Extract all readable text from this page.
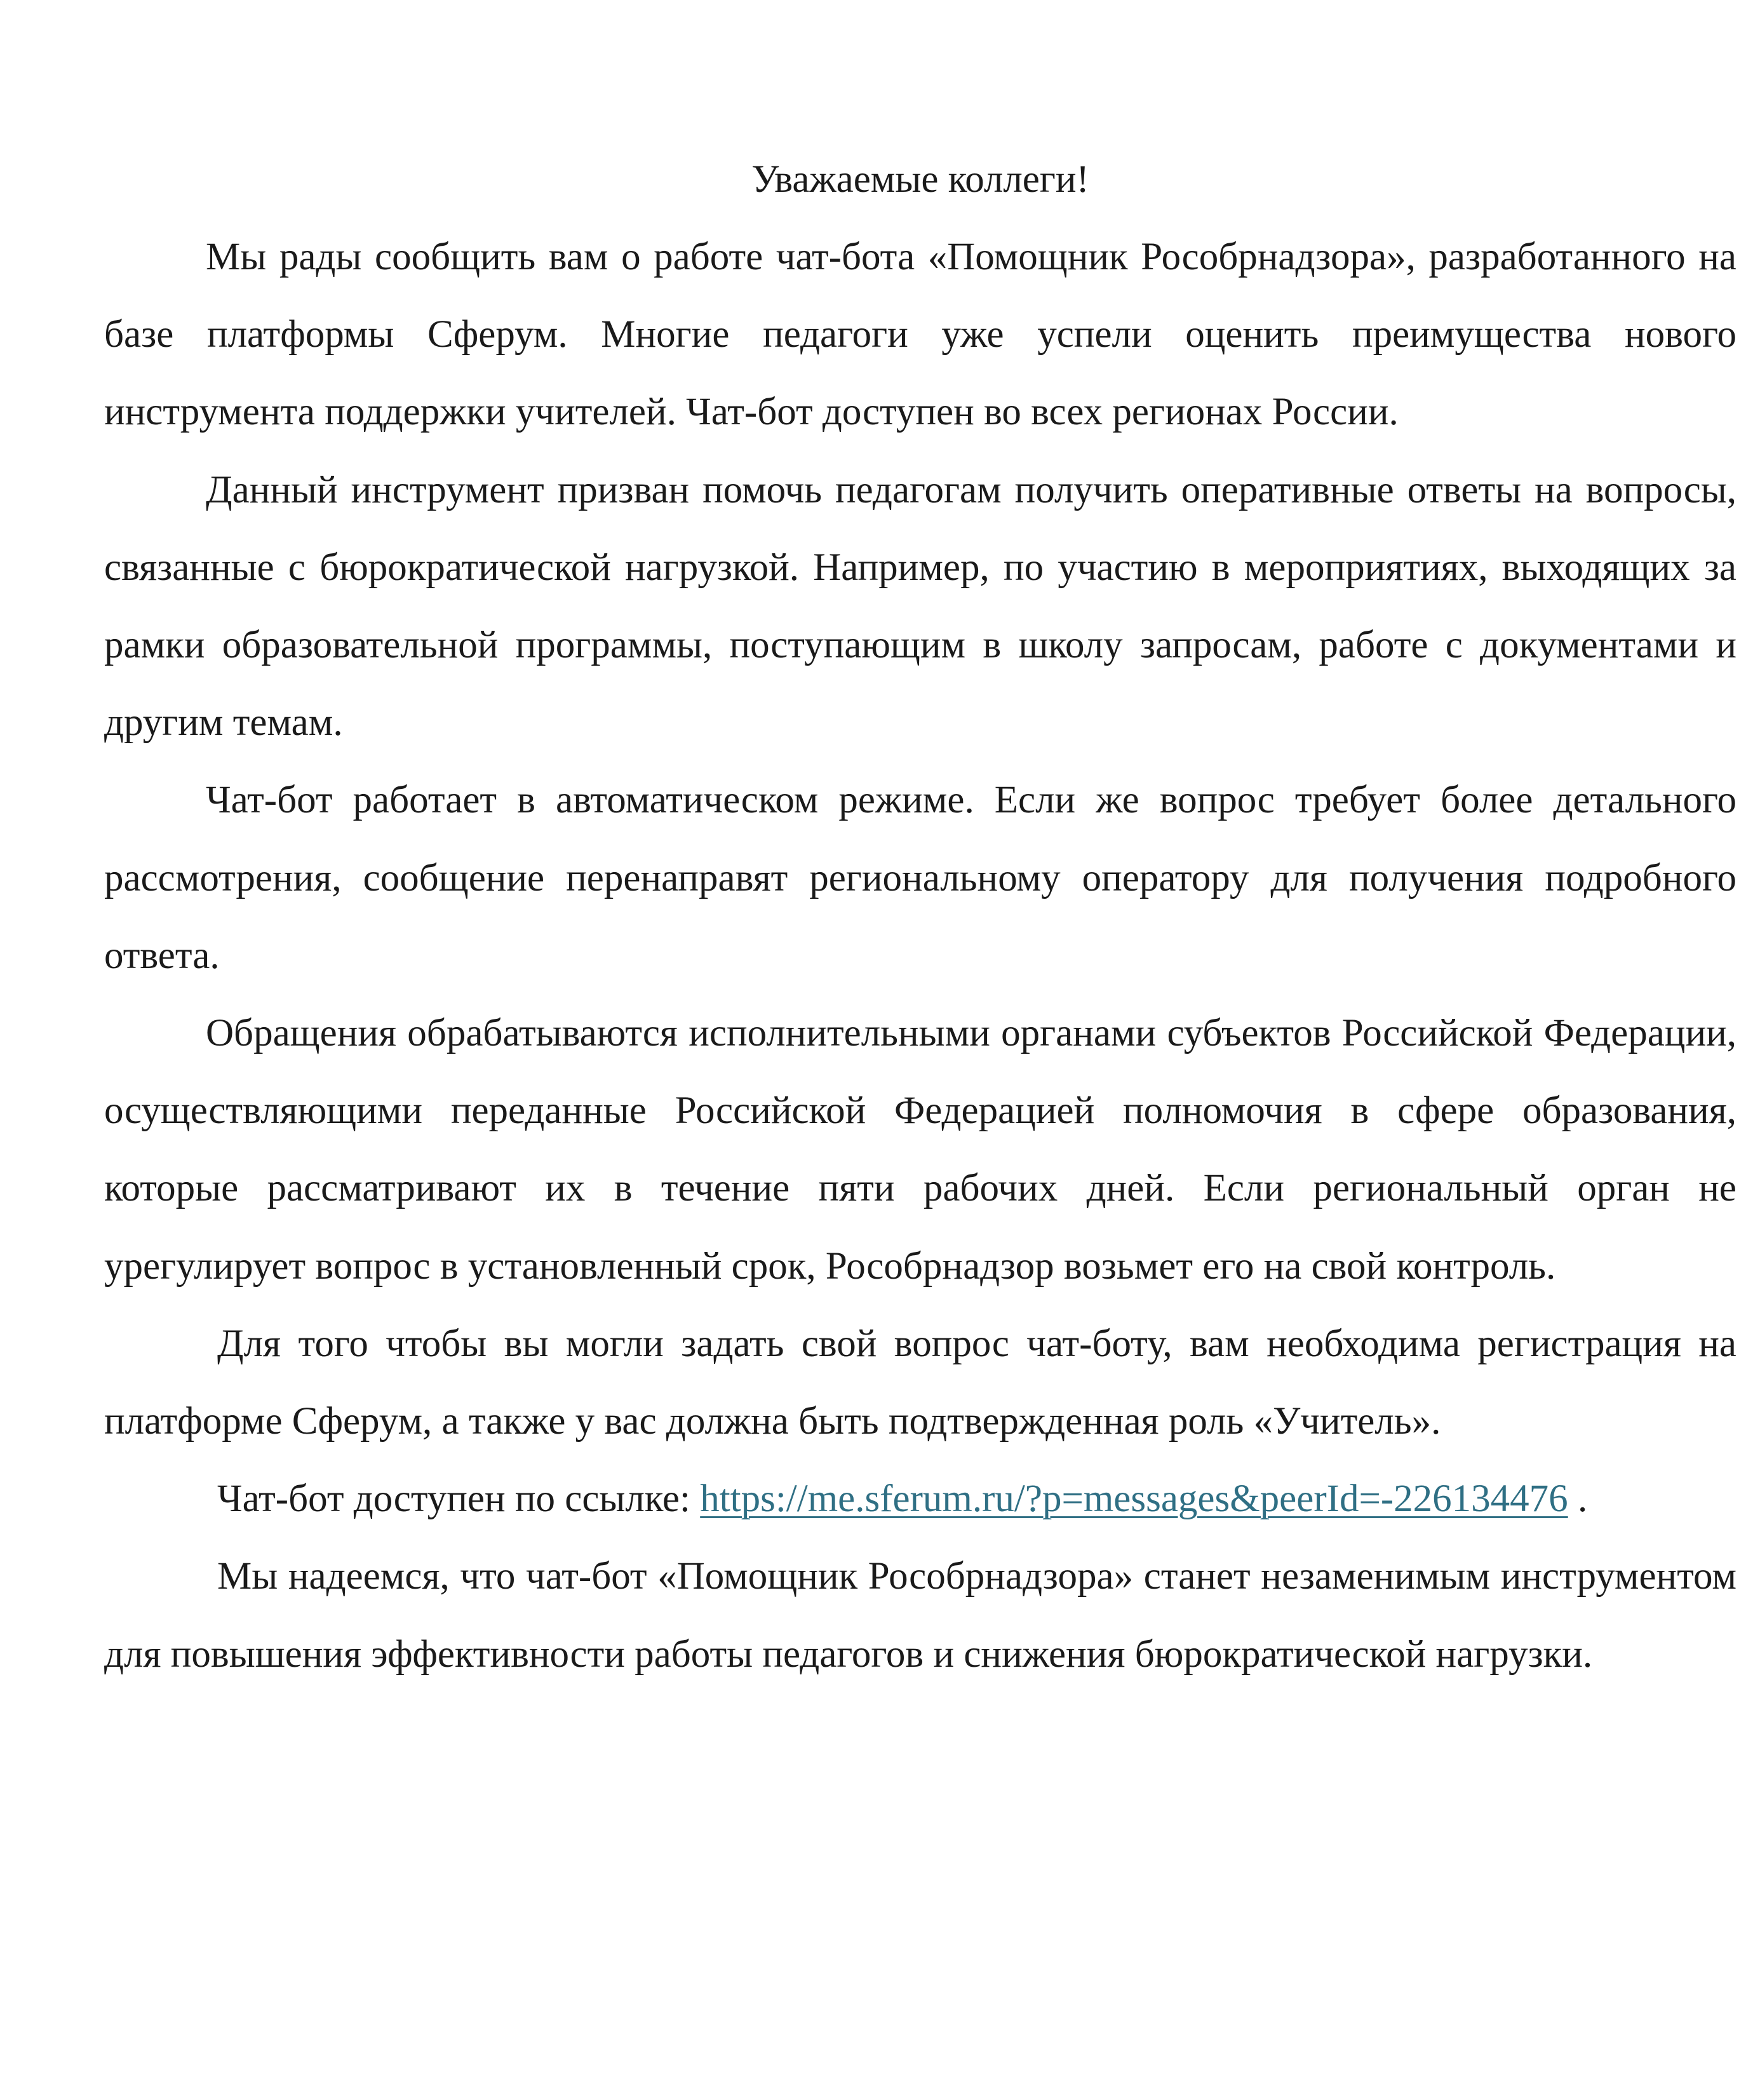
Уважаемые коллеги!

Мы рады сообщить вам о работе чат-бота «Помощник Рособрнадзора», разработанного на базе платформы Сферум. Многие педагоги уже успели оценить преимущества нового инструмента поддержки учителей. Чат-бот доступен во всех регионах России.

Данный инструмент призван помочь педагогам получить оперативные ответы на вопросы, связанные с бюрократической нагрузкой. Например, по участию в мероприятиях, выходящих за рамки образовательной программы, поступающим в школу запросам, работе с документами и другим темам.

Чат-бот работает в автоматическом режиме. Если же вопрос требует более детального рассмотрения, сообщение перенаправят региональному оператору для получения подробного ответа.

Обращения обрабатываются исполнительными органами субъектов Российской Федерации, осуществляющими переданные Российской Федерацией полномочия в сфере образования, которые рассматривают их в течение пяти рабочих дней. Если региональный орган не урегулирует вопрос в установленный срок, Рособрнадзор возьмет его на свой контроль.

Для того чтобы вы могли задать свой вопрос чат-боту, вам необходима регистрация на платформе Сферум, а также у вас должна быть подтвержденная роль «Учитель».

Чат-бот доступен по ссылке: https://me.sferum.ru/?p=messages&peerId=-226134476 .

Мы надеемся, что чат-бот «Помощник Рособрнадзора» станет незаменимым инструментом для повышения эффективности работы педагогов и снижения бюрократической нагрузки.
